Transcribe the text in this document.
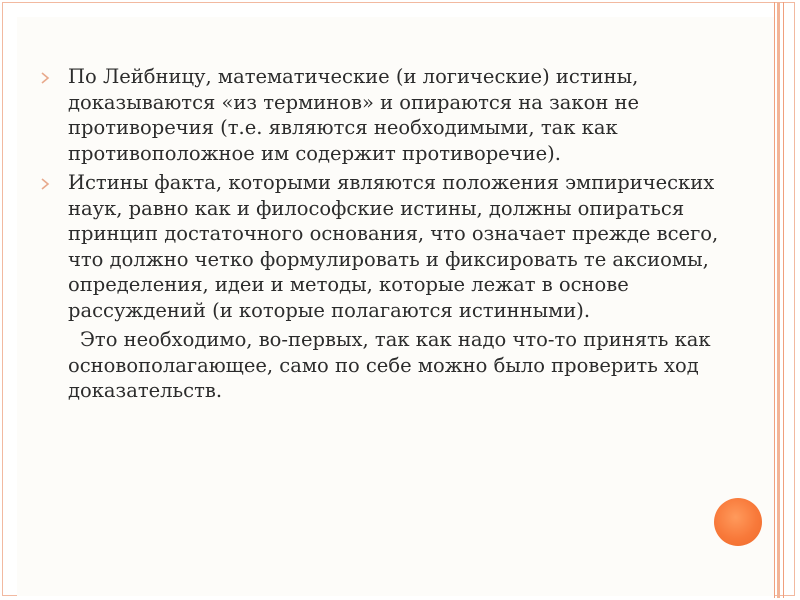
По Лейбницу, математические (и логические) истины, доказываются «из терминов» и опираются на закон не противоречия (т.е. являются необходимыми, так как противоположное им содержит противоречие).
Истины факта, которыми являются положения эмпирических наук, равно как и философские истины, должны опираться принцип достаточного основания, что означает прежде всего, что должно четко формулировать и фиксировать те аксиомы, определения, идеи и методы, которые лежат в основе рассуждений (и которые полагаются истинными).
Это необходимо, во-первых, так как надо что-то принять как основополагающее, само по себе можно было проверить ход доказательств.
